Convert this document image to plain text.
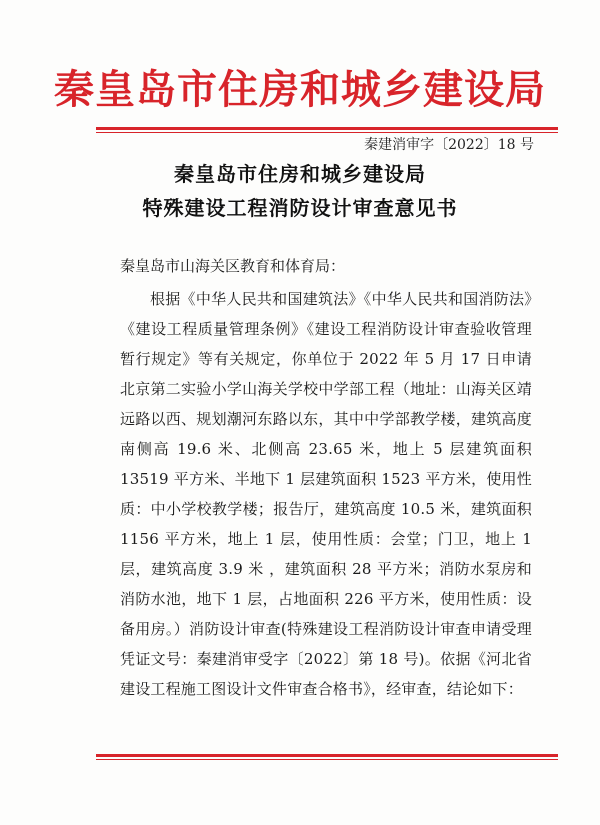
秦皇岛市住房和城乡建设局
秦建消审字〔2022〕18 号
秦皇岛市住房和城乡建设局
特殊建设工程消防设计审查意见书
秦皇岛市山海关区教育和体育局：
根据《中华人民共和国建筑法》《中华人民共和国消防法》《建设工程质量管理条例》《建设工程消防设计审查验收管理暂行规定》等有关规定，你单位于 2022 年 5 月 17 日申请北京第二实验小学山海关学校中学部工程（地址：山海关区靖远路以西、规划潮河东路以东，其中中学部教学楼，建筑高度南侧高 19.6 米、北侧高 23.65 米，地上 5 层建筑面积 13519 平方米、半地下 1 层建筑面积 1523 平方米，使用性质：中小学校教学楼；报告厅，建筑高度 10.5 米，建筑面积 1156 平方米，地上 1 层，使用性质：会堂；门卫，地上 1 层，建筑高度 3.9 米 ，建筑面积 28 平方米；消防水泵房和消防水池，地下 1 层，占地面积 226 平方米，使用性质：设备用房。）消防设计审查(特殊建设工程消防设计审查申请受理凭证文号：秦建消审受字〔2022〕第 18 号)。依据《河北省建设工程施工图设计文件审查合格书》，经审查，结论如下：
